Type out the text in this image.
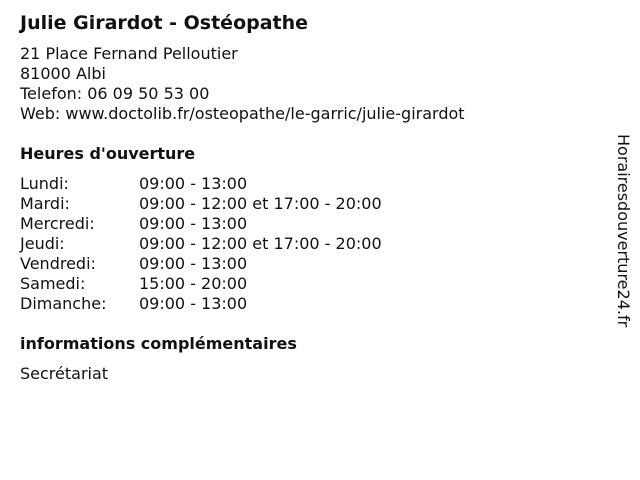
Julie Girardot - Ostéopathe
21 Place Fernand Pelloutier
81000 Albi
Telefon: 06 09 50 53 00
Web: www.doctolib.fr/osteopathe/le-garric/julie-girardot
Heures d'ouverture
Lundi:	09:00 - 13:00
Mardi:	09:00 - 12:00 et 17:00 - 20:00
Mercredi:	09:00 - 13:00
Jeudi:	09:00 - 12:00 et 17:00 - 20:00
Vendredi:	09:00 - 13:00
Samedi:	15:00 - 20:00
Dimanche:	09:00 - 13:00
informations complémentaires
Secrétariat
Horairesdouverture24.fr
